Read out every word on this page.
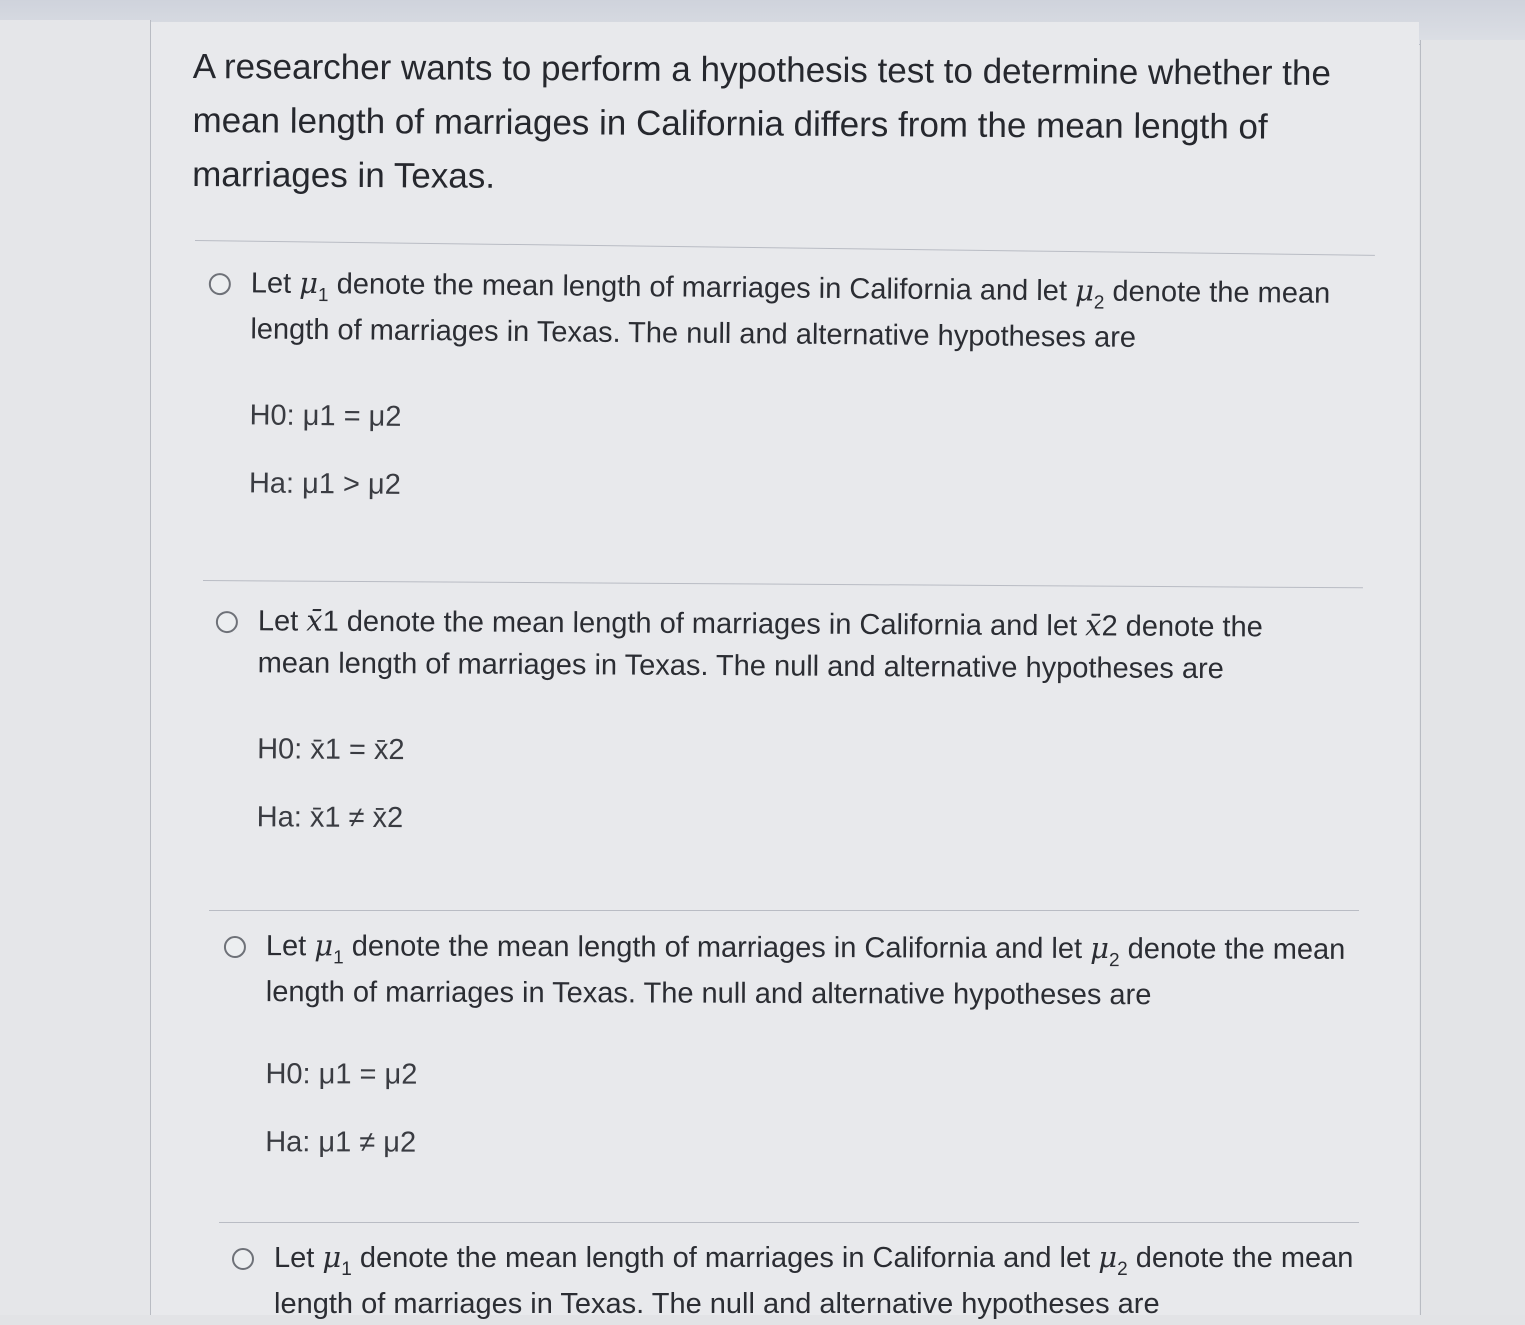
A researcher wants to perform a hypothesis test to determine whether the mean length of marriages in California differs from the mean length of marriages in Texas.

Let $\mu_1$ denote the mean length of marriages in California and let $\mu_2$ denote the mean length of marriages in Texas. The null and alternative hypotheses are
H0: μ1 = μ2
Ha: μ1 > μ2
Let x̄1 denote the mean length of marriages in California and let x̄2 denote the mean length of marriages in Texas. The null and alternative hypotheses are
H0: x̄1 = x̄2
Ha: x̄1 ≠ x̄2
Let $\mu_1$ denote the mean length of marriages in California and let $\mu_2$ denote the mean length of marriages in Texas. The null and alternative hypotheses are
H0: μ1 = μ2
Ha: μ1 ≠ μ2
Let $\mu_1$ denote the mean length of marriages in California and let $\mu_2$ denote the mean length of marriages in Texas. The null and alternative hypotheses are
